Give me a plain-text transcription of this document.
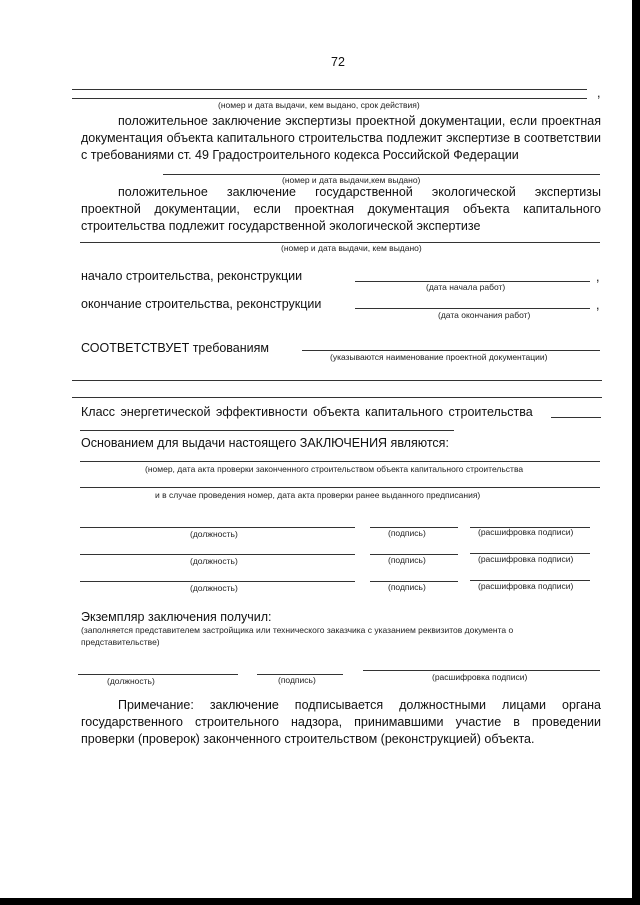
72
,
(номер и дата выдачи, кем выдано, срок действия)
положительное заключение экспертизы проектной документации, если проектная документация объекта капитального строительства подлежит экспертизе в соответствии с требованиями ст. 49 Градостроительного кодекса Российской Федерации
(номер и дата выдачи,кем выдано)
положительное заключение государственной экологической экспертизы проектной документации, если проектная документация объекта капитального строительства подлежит государственной экологической экспертизе
(номер и дата выдачи, кем выдано)
начало строительства, реконструкции	,
(дата начала работ)
окончание строительства, реконструкции	,
(дата окончания работ)
СООТВЕТСТВУЕТ требованиям
(указываются наименование проектной документации)
Класс энергетической эффективности объекта капитального строительства
Основанием для выдачи настоящего ЗАКЛЮЧЕНИЯ являются:
(номер, дата акта проверки законченного строительством объекта капитального строительства
и в случае проведения номер, дата акта проверки ранее выданного предписания)
(должность)	(подпись)	(расшифровка подписи)
(должность)	(подпись)	(расшифровка подписи)
(должность)	(подпись)	(расшифровка подписи)
Экземпляр заключения получил:
(заполняется представителем застройщика или технического заказчика с указанием реквизитов документа о
представительстве)
(должность)	(подпись)	(расшифровка подписи)
Примечание: заключение подписывается должностными лицами органа государственного строительного надзора, принимавшими участие в проведении проверки (проверок) законченного строительством (реконструкцией) объекта.
